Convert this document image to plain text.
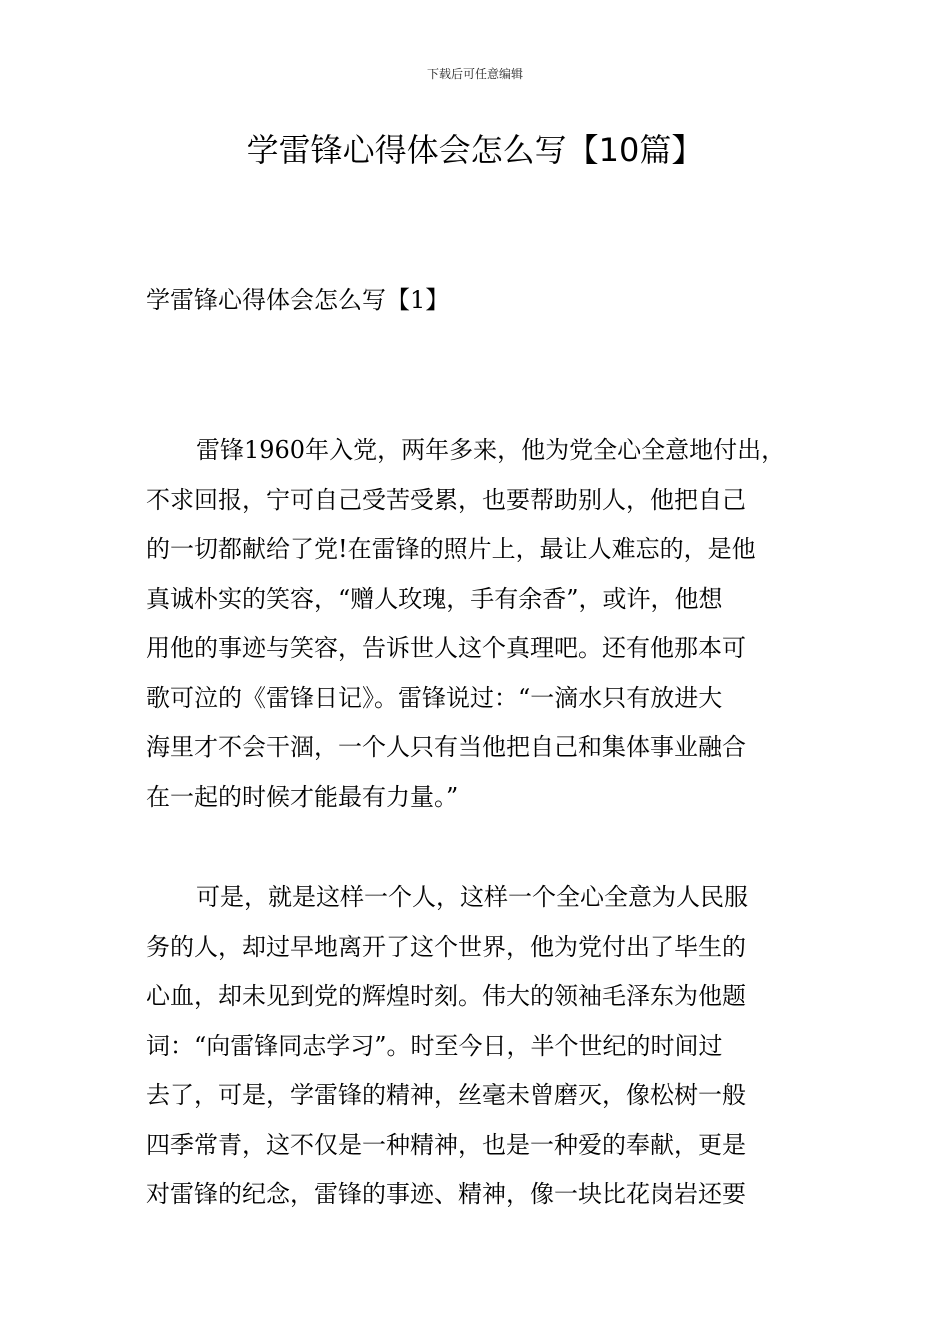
下载后可任意编辑
学雷锋心得体会怎么写【10篇】
学雷锋心得体会怎么写【1】

雷锋1960年入党，两年多来，他为党全心全意地付出，
不求回报，宁可自己受苦受累，也要帮助别人，他把自己
的一切都献给了党!在雷锋的照片上，最让人难忘的，是他
真诚朴实的笑容，“赠人玫瑰，手有余香”，或许，他想
用他的事迹与笑容，告诉世人这个真理吧。还有他那本可
歌可泣的《雷锋日记》。雷锋说过：“一滴水只有放进大
海里才不会干涸，一个人只有当他把自己和集体事业融合
在一起的时候才能最有力量。”

可是，就是这样一个人，这样一个全心全意为人民服
务的人，却过早地离开了这个世界，他为党付出了毕生的
心血，却未见到党的辉煌时刻。伟大的领袖毛泽东为他题
词：“向雷锋同志学习”。时至今日，半个世纪的时间过
去了，可是，学雷锋的精神，丝毫未曾磨灭，像松树一般
四季常青，这不仅是一种精神，也是一种爱的奉献，更是
对雷锋的纪念，雷锋的事迹、精神，像一块比花岗岩还要
